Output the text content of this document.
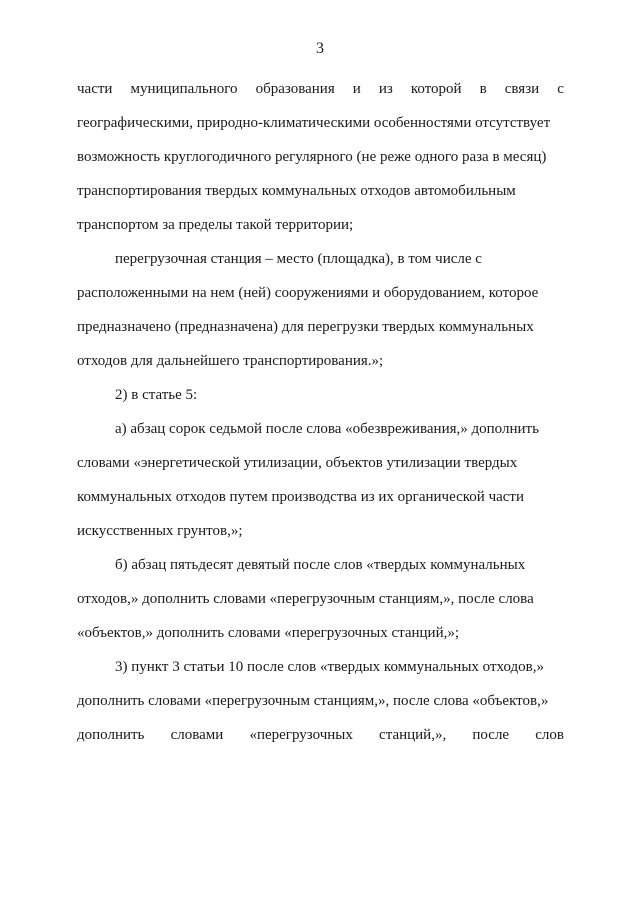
3
части муниципального образования и из которой в связи с
географическими, природно-климатическими особенностями отсутствует
возможность круглогодичного регулярного (не реже одного раза в месяц)
транспортирования твердых коммунальных отходов автомобильным
транспортом за пределы такой территории;
перегрузочная станция – место (площадка), в том числе с
расположенными на нем (ней) сооружениями и оборудованием, которое
предназначено (предназначена) для перегрузки твердых коммунальных
отходов для дальнейшего транспортирования.»;
2) в статье 5:
а) абзац сорок седьмой после слова «обезвреживания,» дополнить
словами «энергетической утилизации, объектов утилизации твердых
коммунальных отходов путем производства из их органической части
искусственных грунтов,»;
б) абзац пятьдесят девятый после слов «твердых коммунальных
отходов,» дополнить словами «перегрузочным станциям,», после слова
«объектов,» дополнить словами «перегрузочных станций,»;
3) пункт 3 статьи 10 после слов «твердых коммунальных отходов,»
дополнить словами «перегрузочным станциям,», после слова «объектов,»
дополнить словами «перегрузочных станций,», после слов
